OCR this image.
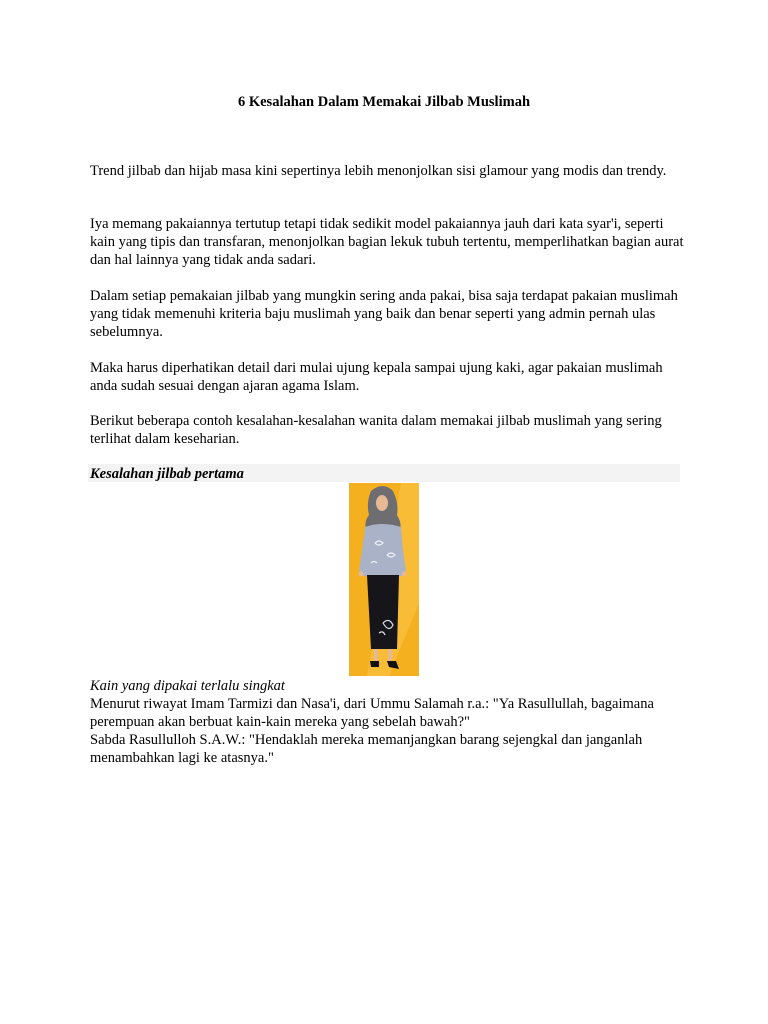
6 Kesalahan Dalam Memakai Jilbab Muslimah
Trend jilbab dan hijab masa kini sepertinya lebih menonjolkan sisi glamour yang modis dan trendy.
Iya memang pakaiannya tertutup tetapi tidak sedikit model pakaiannya jauh dari kata syar'i, seperti kain yang tipis dan transfaran, menonjolkan bagian lekuk tubuh tertentu, memperlihatkan bagian aurat dan hal lainnya yang tidak anda sadari.
Dalam setiap pemakaian jilbab yang mungkin sering anda pakai, bisa saja terdapat pakaian muslimah yang tidak memenuhi kriteria baju muslimah yang baik dan benar seperti yang admin pernah ulas sebelumnya.
Maka harus diperhatikan detail dari mulai ujung kepala sampai ujung kaki, agar pakaian muslimah anda sudah sesuai dengan ajaran agama Islam.
Berikut beberapa contoh kesalahan-kesalahan wanita dalam memakai jilbab muslimah yang sering terlihat dalam keseharian.
Kesalahan jilbab pertama
Kain yang dipakai terlalu singkat
Menurut riwayat Imam Tarmizi dan Nasa'i, dari Ummu Salamah r.a.: "Ya Rasullullah, bagaimana perempuan akan berbuat kain-kain mereka yang sebelah bawah?"
Sabda Rasullulloh S.A.W.: "Hendaklah mereka memanjangkan barang sejengkal dan janganlah menambahkan lagi ke atasnya."
